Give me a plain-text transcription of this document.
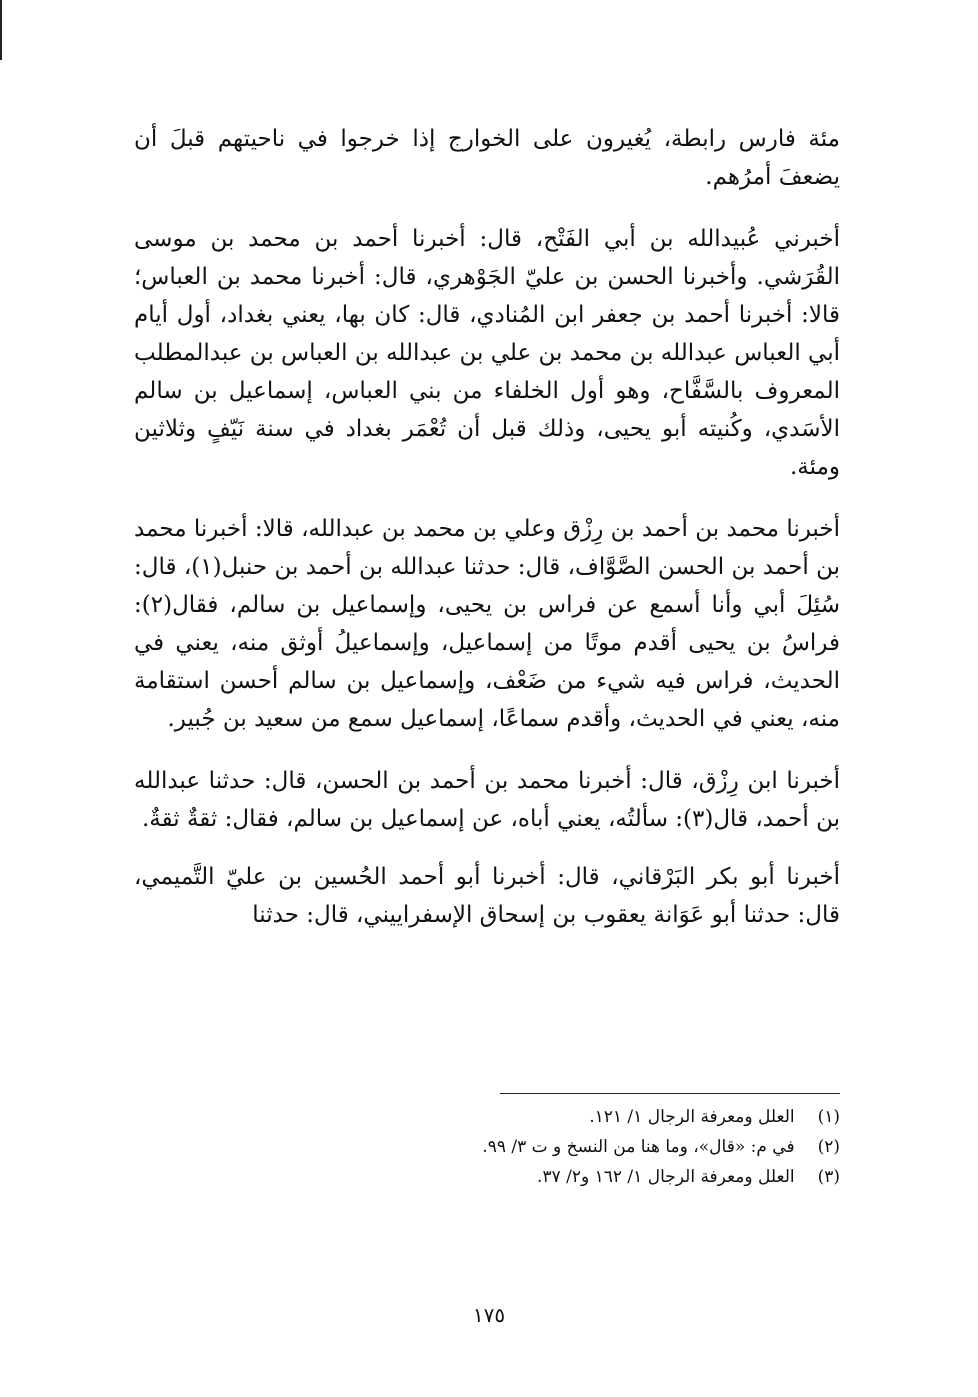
مئة فارس رابطة، يُغيرون على الخوارج إذا خرجوا في ناحيتهم قبلَ أن يضعفَ أمرُهم.

أخبرني عُبيدالله بن أبي الفَتْح، قال: أخبرنا أحمد بن محمد بن موسى القُرَشي. وأخبرنا الحسن بن عليّ الجَوْهري، قال: أخبرنا محمد بن العباس؛ قالا: أخبرنا أحمد بن جعفر ابن المُنادي، قال: كان بها، يعني بغداد، أول أيام أبي العباس عبدالله بن محمد بن علي بن عبدالله بن العباس بن عبدالمطلب المعروف بالسَّفَّاح، وهو أول الخلفاء من بني العباس، إسماعيل بن سالم الأسَدي، وكُنيته أبو يحيى، وذلك قبل أن تُعْمَر بغداد في سنة نَيّفٍ وثلاثين ومئة.

أخبرنا محمد بن أحمد بن رِزْق وعلي بن محمد بن عبدالله، قالا: أخبرنا محمد بن أحمد بن الحسن الصَّوَّاف، قال: حدثنا عبدالله بن أحمد بن حنبل(١)، قال: سُئِلَ أبي وأنا أسمع عن فراس بن يحيى، وإسماعيل بن سالم، فقال(٢): فراسُ بن يحيى أقدم موتًا من إسماعيل، وإسماعيلُ أوثق منه، يعني في الحديث، فراس فيه شيء من ضَعْف، وإسماعيل بن سالم أحسن استقامة منه، يعني في الحديث، وأقدم سماعًا، إسماعيل سمع من سعيد بن جُبير.

أخبرنا ابن رِزْق، قال: أخبرنا محمد بن أحمد بن الحسن، قال: حدثنا عبدالله بن أحمد، قال(٣): سألتُه، يعني أباه، عن إسماعيل بن سالم، فقال: ثقةٌ ثقةٌ.

أخبرنا أبو بكر البَرْقاني، قال: أخبرنا أبو أحمد الحُسين بن عليّ التَّميمي، قال: حدثنا أبو عَوَانة يعقوب بن إسحاق الإسفراييني، قال: حدثنا

(١) العلل ومعرفة الرجال ١/ ١٢١.
(٢) في م: «قال»، وما هنا من النسخ و ت ٣/ ٩٩.
(٣) العلل ومعرفة الرجال ١/ ١٦٢ و٢/ ٣٧.
١٧٥
